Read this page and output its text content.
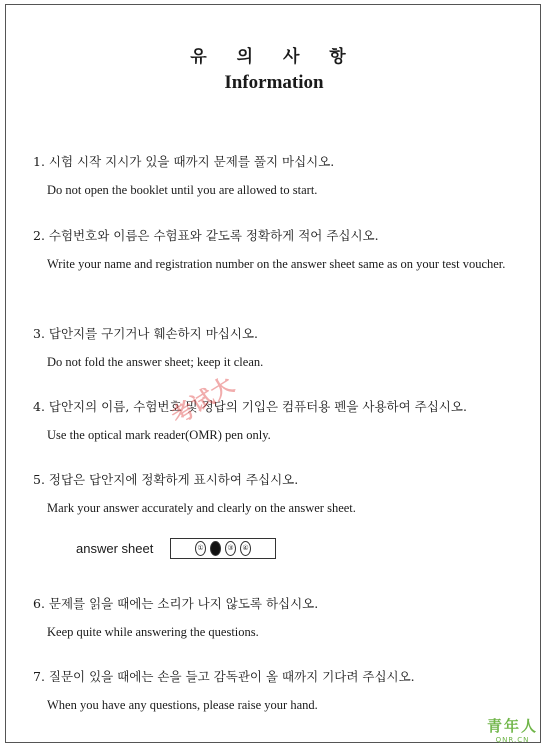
유 의 사 항
Information
1. 시험 시작 지시가 있을 때까지 문제를 풀지 마십시오.
Do not open the booklet until you are allowed to start.
2. 수험번호와 이름은 수험표와 같도록 정확하게 적어 주십시오.
Write your name and registration number on the answer sheet same as on your test voucher.
3. 답안지를 구기거나 훼손하지 마십시오.
Do not fold the answer sheet; keep it clean.
4. 답안지의 이름, 수험번호 및 정답의 기입은 컴퓨터용 펜을 사용하여 주십시오.
Use the optical mark reader(OMR) pen only.
5. 정답은 답안지에 정확하게 표시하여 주십시오.
Mark your answer accurately and clearly on the answer sheet.
answer sheet	①	②	③	④
6. 문제를 읽을 때에는 소리가 나지 않도록 하십시오.
Keep quite while answering the questions.
7. 질문이 있을 때에는 손을 들고 감독관이 올 때까지 기다려 주십시오.
When you have any questions, please raise your hand.
考试大
青年人
QNR.CN
